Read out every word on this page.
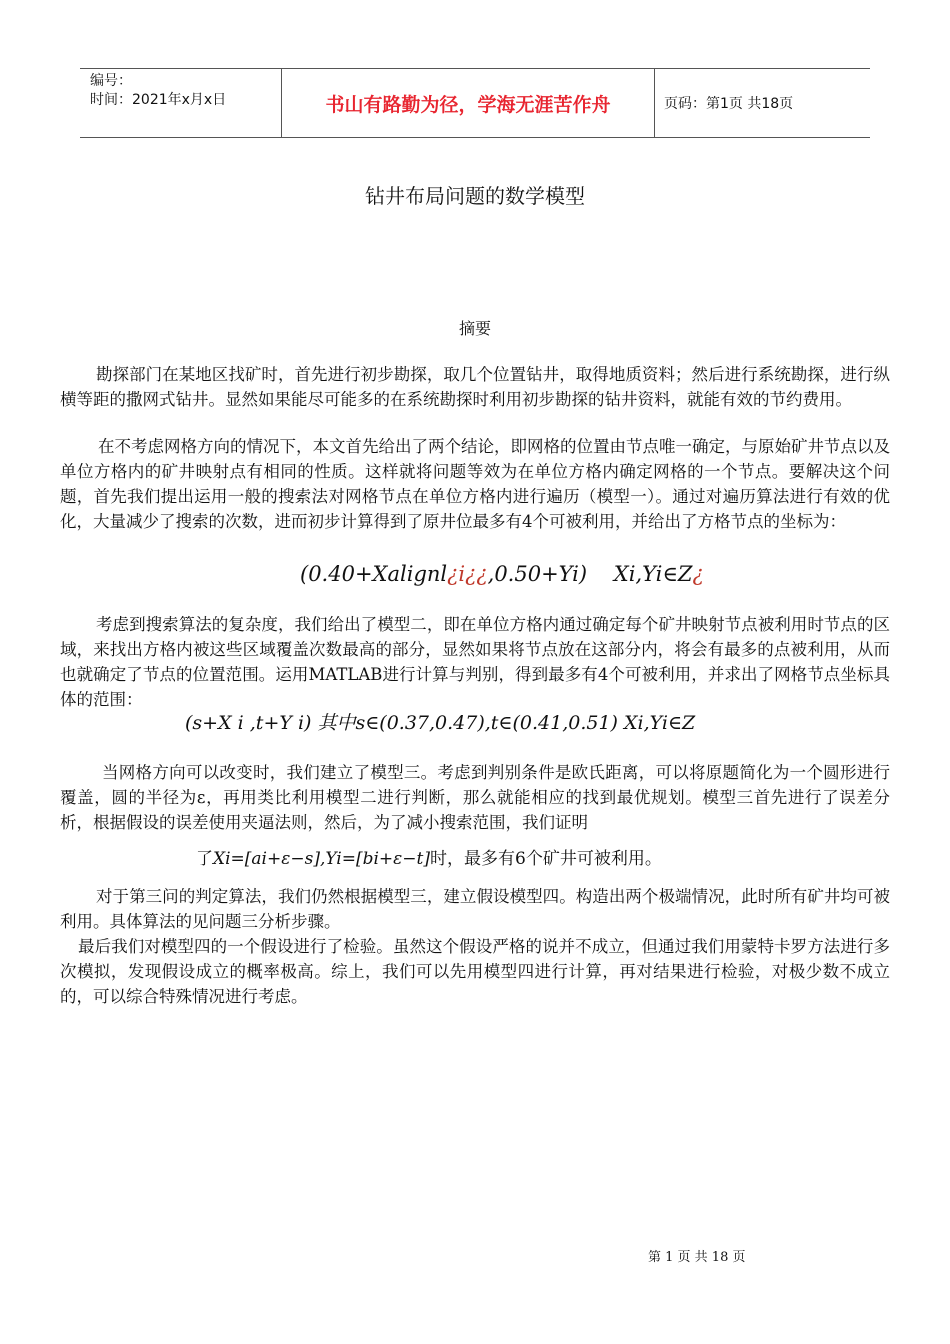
编号：
时间：2021年x月x日	书山有路勤为径，学海无涯苦作舟	页码：第1页 共18页
钻井布局问题的数学模型
摘要

勘探部门在某地区找矿时，首先进行初步勘探，取几个位置钻井，取得地质资料；然后进行系统勘探，进行纵横等距的撒网式钻井。显然如果能尽可能多的在系统勘探时利用初步勘探的钻井资料，就能有效的节约费用。

在不考虑网格方向的情况下，本文首先给出了两个结论，即网格的位置由节点唯一确定，与原始矿井节点以及单位方格内的矿井映射点有相同的性质。这样就将问题等效为在单位方格内确定网格的一个节点。要解决这个问题，首先我们提出运用一般的搜索法对网格节点在单位方格内进行遍历（模型一）。通过对遍历算法进行有效的优化，大量减少了搜索的次数，进而初步计算得到了原井位最多有4个可被利用，并给出了方格节点的坐标为：

(0.40+Xalignl¿i¿¿,0.50+Yi) Xi,Yi∈Z¿

考虑到搜索算法的复杂度，我们给出了模型二，即在单位方格内通过确定每个矿井映射节点被利用时节点的区域，来找出方格内被这些区域覆盖次数最高的部分，显然如果将节点放在这部分内，将会有最多的点被利用，从而也就确定了节点的位置范围。运用MATLAB进行计算与判别，得到最多有4个可被利用，并求出了网格节点坐标具体的范围：

(s+X i ,t+Y i) 其中s∈(0.37,0.47),t∈(0.41,0.51) Xi,Yi∈Z

当网格方向可以改变时，我们建立了模型三。考虑到判别条件是欧氏距离，可以将原题简化为一个圆形进行覆盖，圆的半径为ε，再用类比利用模型二进行判断，那么就能相应的找到最优规划。模型三首先进行了误差分析，根据假设的误差使用夹逼法则，然后，为了减小搜索范围，我们证明

了Xi=[ai+ε−s],Yi=[bi+ε−t]时，最多有6个矿井可被利用。

对于第三问的判定算法，我们仍然根据模型三，建立假设模型四。构造出两个极端情况，此时所有矿井均可被利用。具体算法的见问题三分析步骤。

最后我们对模型四的一个假设进行了检验。虽然这个假设严格的说并不成立，但通过我们用蒙特卡罗方法进行多次模拟，发现假设成立的概率极高。综上，我们可以先用模型四进行计算，再对结果进行检验，对极少数不成立的，可以综合特殊情况进行考虑。

第 1 页 共 18 页
